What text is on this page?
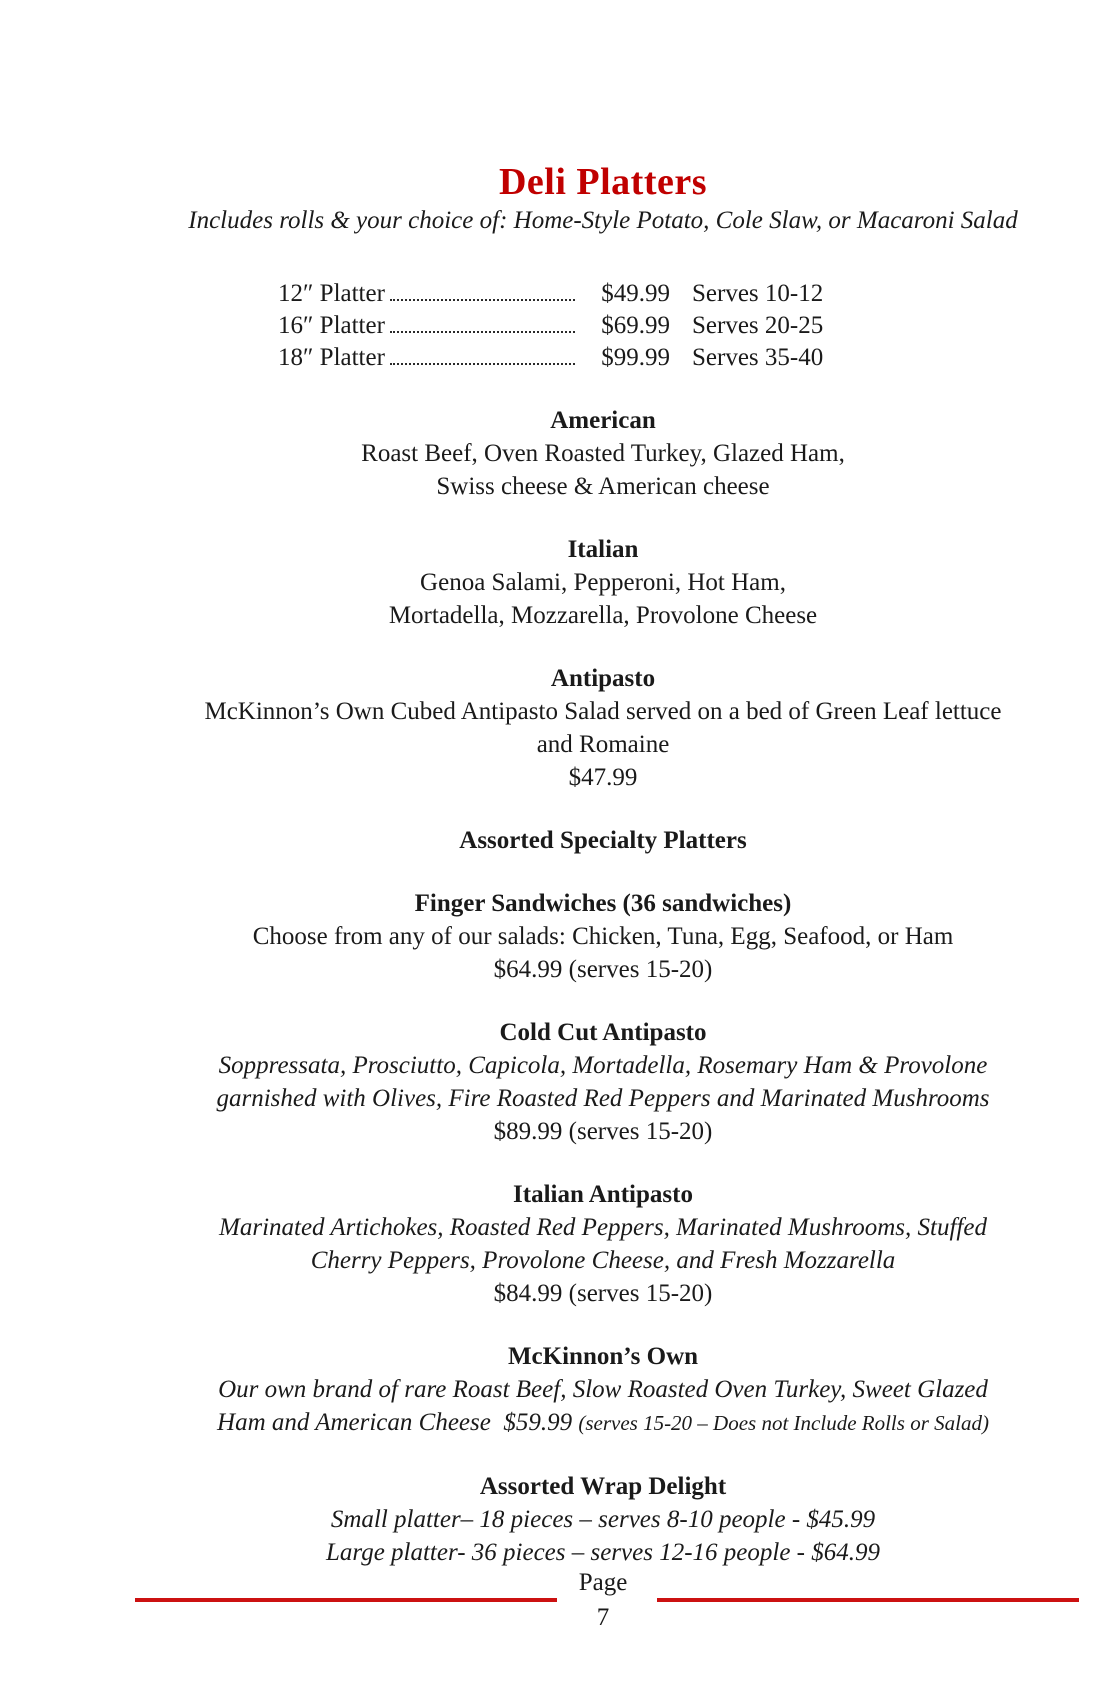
Deli Platters
Includes rolls & your choice of: Home-Style Potato, Cole Slaw, or Macaroni Salad
12″ Platter	$49.99 Serves 10-12
16″ Platter	$69.99 Serves 20-25
18″ Platter	$99.99 Serves 35-40
American
Roast Beef, Oven Roasted Turkey, Glazed Ham,
Swiss cheese & American cheese
Italian
Genoa Salami, Pepperoni, Hot Ham,
Mortadella, Mozzarella, Provolone Cheese
Antipasto
McKinnon’s Own Cubed Antipasto Salad served on a bed of Green Leaf lettuce
and Romaine
$47.99
Assorted Specialty Platters
Finger Sandwiches (36 sandwiches)
Choose from any of our salads: Chicken, Tuna, Egg, Seafood, or Ham
$64.99 (serves 15-20)
Cold Cut Antipasto
Soppressata, Prosciutto, Capicola, Mortadella, Rosemary Ham & Provolone
garnished with Olives, Fire Roasted Red Peppers and Marinated Mushrooms
$89.99 (serves 15-20)
Italian Antipasto
Marinated Artichokes, Roasted Red Peppers, Marinated Mushrooms, Stuffed
Cherry Peppers, Provolone Cheese, and Fresh Mozzarella
$84.99 (serves 15-20)
McKinnon’s Own
Our own brand of rare Roast Beef, Slow Roasted Oven Turkey, Sweet Glazed
Ham and American Cheese  $59.99 (serves 15-20 – Does not Include Rolls or Salad)
Assorted Wrap Delight
Small platter– 18 pieces – serves 8-10 people - $45.99
Large platter- 36 pieces – serves 12-16 people - $64.99
Page
7
